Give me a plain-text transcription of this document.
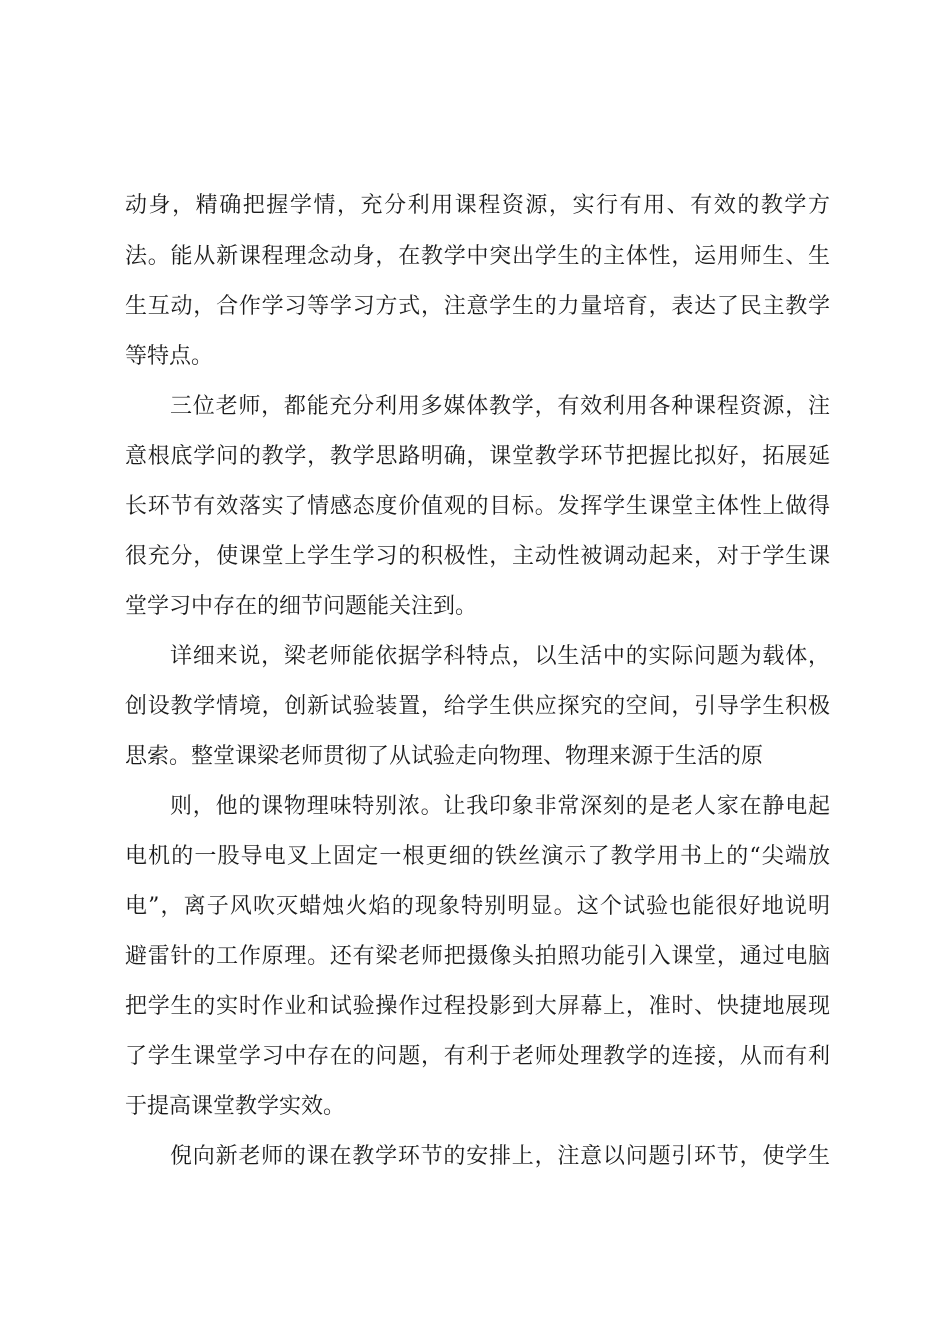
动身，精确把握学情，充分利用课程资源，实行有用、有效的教学方
法。能从新课程理念动身，在教学中突出学生的主体性，运用师生、生
生互动，合作学习等学习方式，注意学生的力量培育，表达了民主教学
等特点。
三位老师，都能充分利用多媒体教学，有效利用各种课程资源，注
意根底学问的教学，教学思路明确，课堂教学环节把握比拟好，拓展延
长环节有效落实了情感态度价值观的目标。发挥学生课堂主体性上做得
很充分，使课堂上学生学习的积极性，主动性被调动起来，对于学生课
堂学习中存在的细节问题能关注到。
详细来说，梁老师能依据学科特点，以生活中的实际问题为载体，
创设教学情境，创新试验装置，给学生供应探究的空间，引导学生积极
思索。整堂课梁老师贯彻了从试验走向物理、物理来源于生活的原
则，他的课物理味特别浓。让我印象非常深刻的是老人家在静电起
电机的一股导电叉上固定一根更细的铁丝演示了教学用书上的“尖端放
电”，离子风吹灭蜡烛火焰的现象特别明显。这个试验也能很好地说明
避雷针的工作原理。还有梁老师把摄像头拍照功能引入课堂，通过电脑
把学生的实时作业和试验操作过程投影到大屏幕上，准时、快捷地展现
了学生课堂学习中存在的问题，有利于老师处理教学的连接，从而有利
于提高课堂教学实效。
倪向新老师的课在教学环节的安排上，注意以问题引环节，使学生
